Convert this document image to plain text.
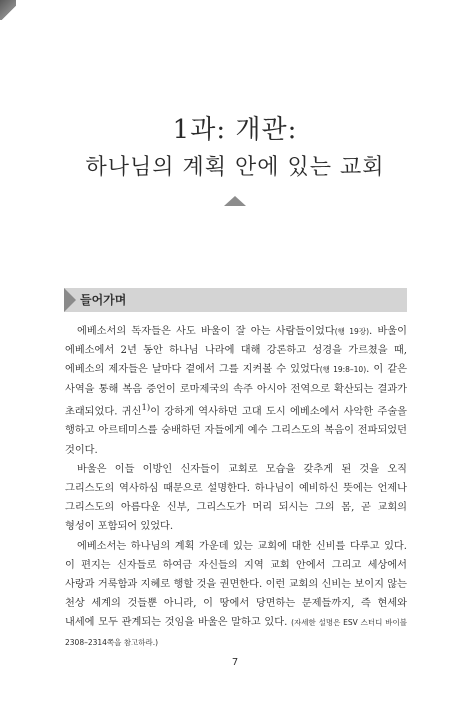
1과: 개관:
하나님의 계획 안에 있는 교회
들어가며

에베소서의 독자들은 사도 바울이 잘 아는 사람들이었다(행 19장). 바울이 에베소에서 2년 동안 하나님 나라에 대해 강론하고 성경을 가르쳤을 때, 에베소의 제자들은 날마다 곁에서 그를 지켜볼 수 있었다(행 19:8–10). 이 같은 사역을 통해 복음 증언이 로마제국의 속주 아시아 전역으로 확산되는 결과가 초래되었다. 귀신$^{1)}$이 강하게 역사하던 고대 도시 에베소에서 사악한 주술을 행하고 아르테미스를 숭배하던 자들에게 예수 그리스도의 복음이 전파되었던 것이다.

바울은 이들 이방인 신자들이 교회로 모습을 갖추게 된 것을 오직 그리스도의 역사하심 때문으로 설명한다. 하나님이 예비하신 뜻에는 언제나 그리스도의 아름다운 신부, 그리스도가 머리 되시는 그의 몸, 곧 교회의 형성이 포함되어 있었다.

에베소서는 하나님의 계획 가운데 있는 교회에 대한 신비를 다루고 있다. 이 편지는 신자들로 하여금 자신들의 지역 교회 안에서 그리고 세상에서 사랑과 거룩함과 지혜로 행할 것을 권면한다. 이런 교회의 신비는 보이지 않는 천상 세계의 것들뿐 아니라, 이 땅에서 당면하는 문제들까지, 즉 현세와 내세에 모두 관계되는 것임을 바울은 말하고 있다. (자세한 설명은 ESV 스터디 바이블 2308–2314쪽을 참고하라.)

7
